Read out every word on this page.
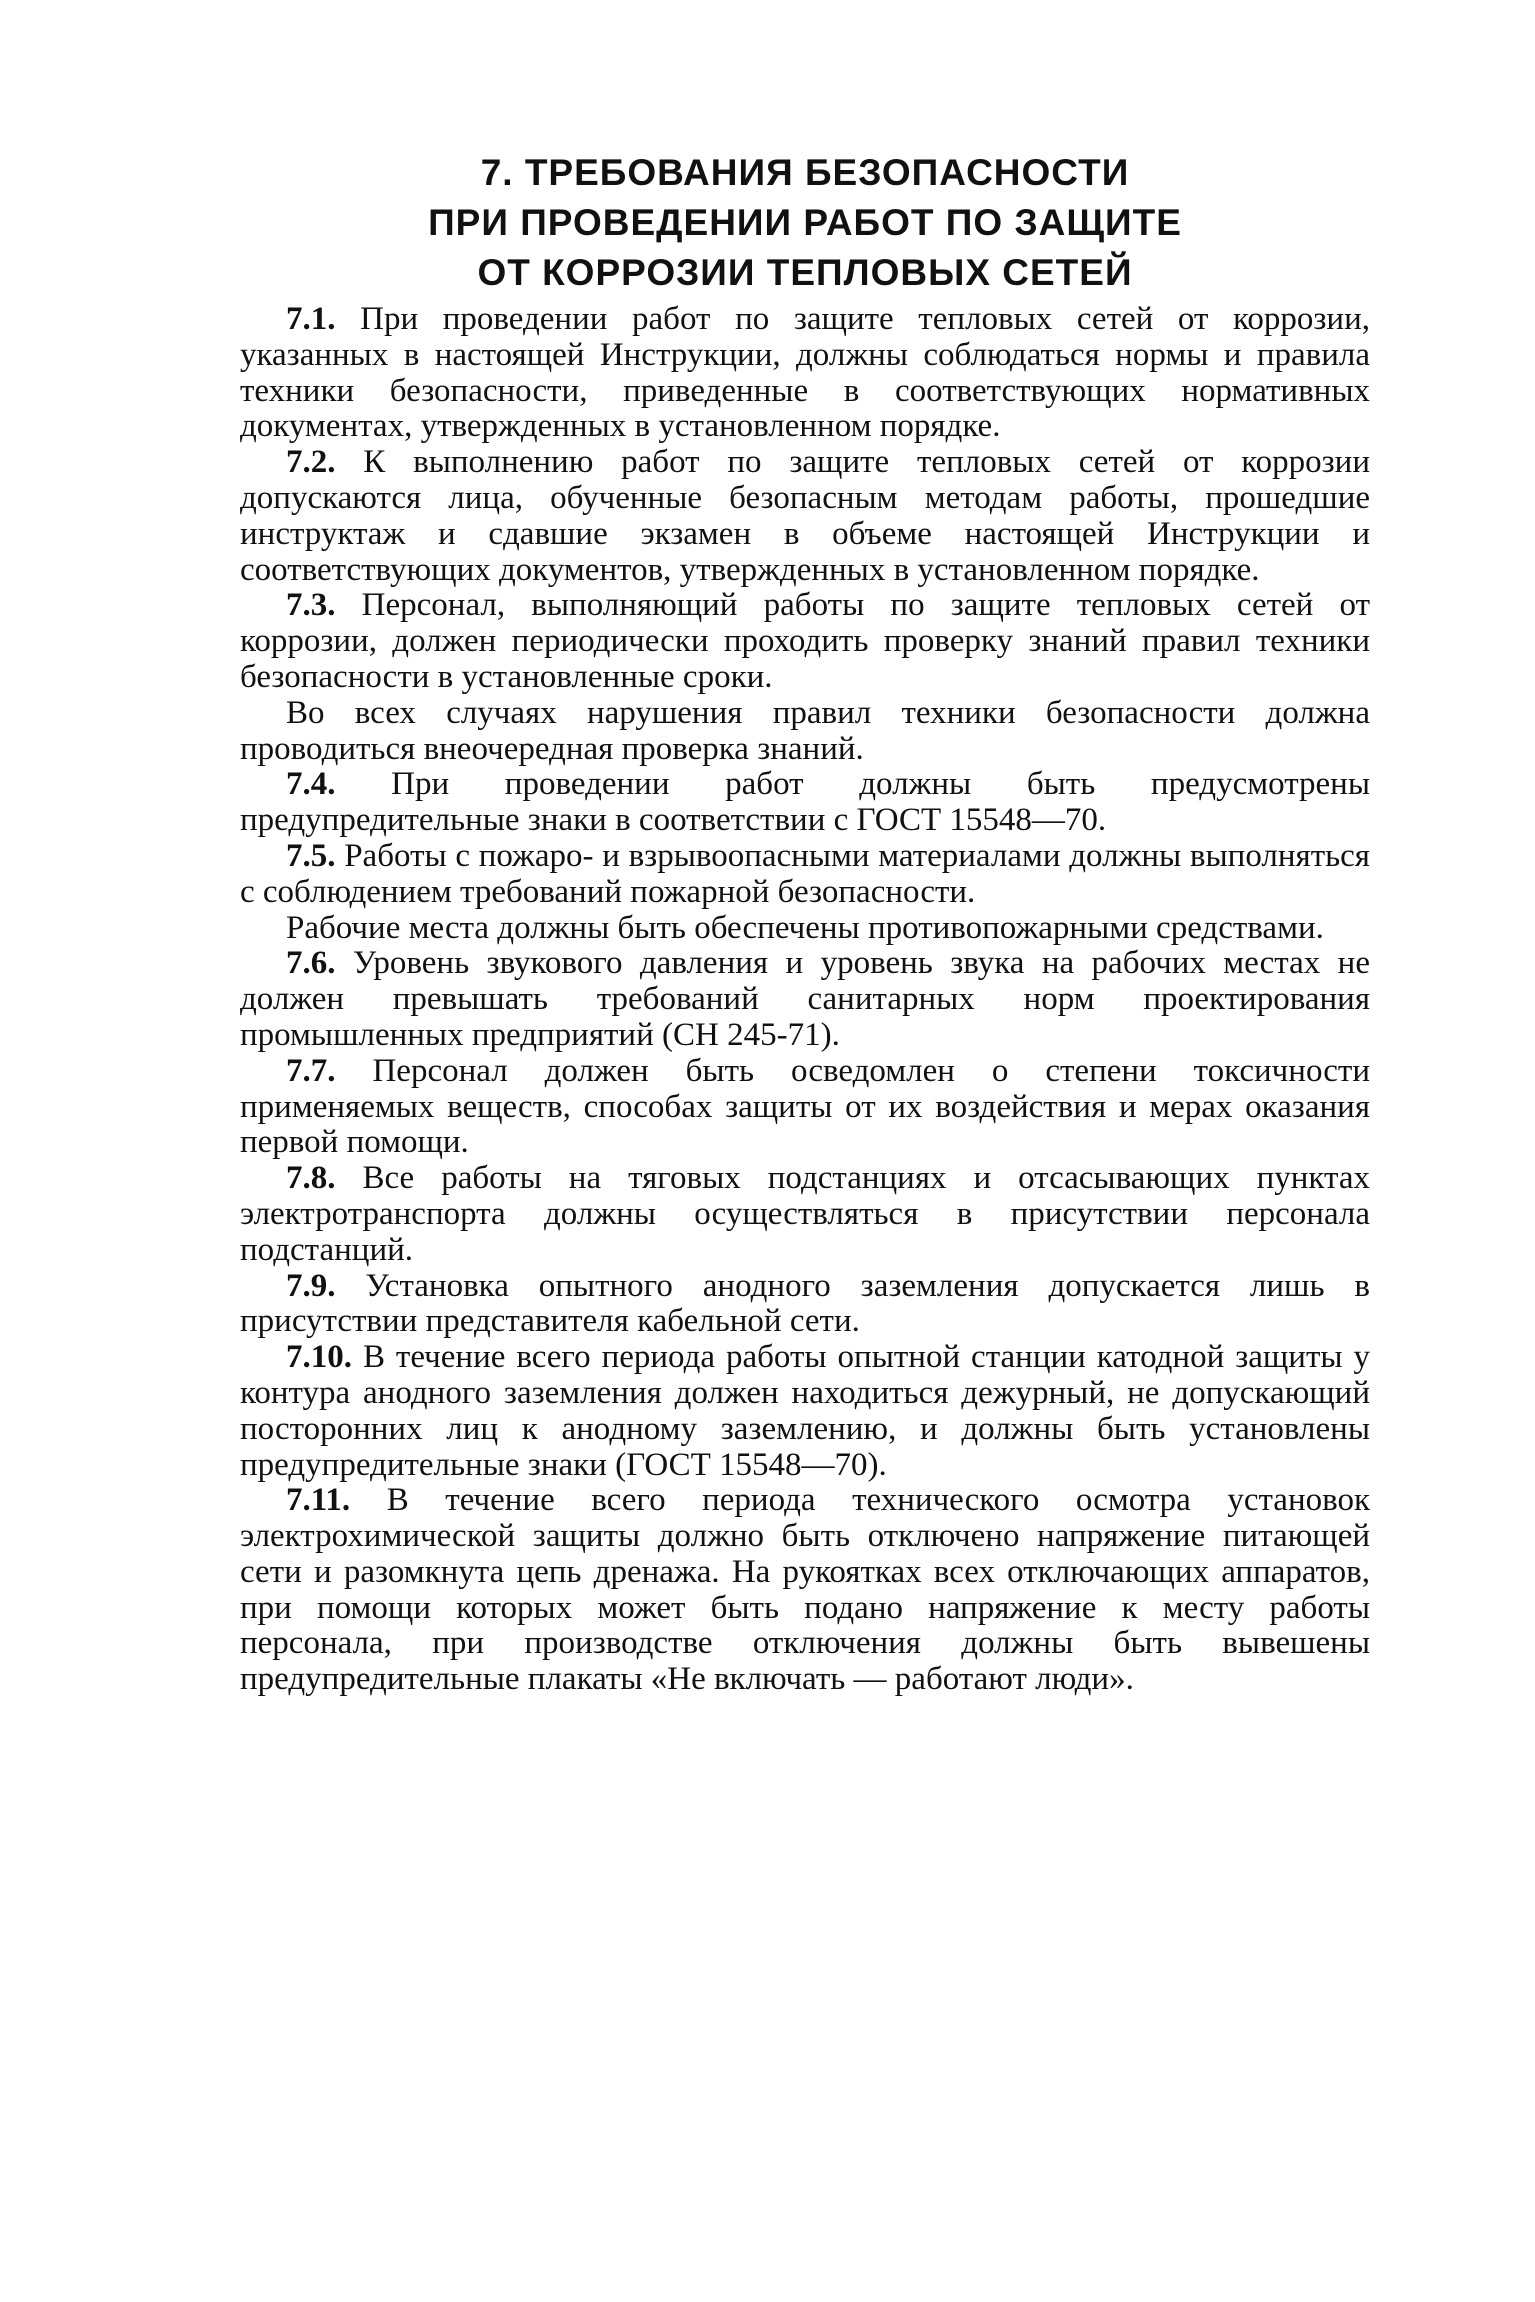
7. ТРЕБОВАНИЯ БЕЗОПАСНОСТИ
ПРИ ПРОВЕДЕНИИ РАБОТ ПО ЗАЩИТЕ
ОТ КОРРОЗИИ ТЕПЛОВЫХ СЕТЕЙ

7.1. При проведении работ по защите тепловых сетей от коррозии, указанных в настоящей Инструкции, должны соблюдаться нормы и правила техники безопасности, приведенные в соответствующих нормативных документах, утвержденных в установленном порядке.

7.2. К выполнению работ по защите тепловых сетей от коррозии допускаются лица, обученные безопасным методам работы, прошедшие инструктаж и сдавшие экзамен в объеме настоящей Инструкции и соответствующих документов, утвержденных в установленном порядке.

7.3. Персонал, выполняющий работы по защите тепловых сетей от коррозии, должен периодически проходить проверку знаний правил техники безопасности в установленные сроки.

Во всех случаях нарушения правил техники безопасности должна проводиться внеочередная проверка знаний.

7.4. При проведении работ должны быть предусмотрены предупредительные знаки в соответствии с ГОСТ 15548—70.

7.5. Работы с пожаро- и взрывоопасными материалами должны выполняться с соблюдением требований пожарной безопасности.

Рабочие места должны быть обеспечены противопожарными средствами.

7.6. Уровень звукового давления и уровень звука на рабочих местах не должен превышать требований санитарных норм проектирования промышленных предприятий (СН 245-71).

7.7. Персонал должен быть осведомлен о степени токсичности применяемых веществ, способах защиты от их воздействия и мерах оказания первой помощи.

7.8. Все работы на тяговых подстанциях и отсасывающих пунктах электротранспорта должны осуществляться в присутствии персонала подстанций.

7.9. Установка опытного анодного заземления допускается лишь в присутствии представителя кабельной сети.

7.10. В течение всего периода работы опытной станции катодной защиты у контура анодного заземления должен находиться дежурный, не допускающий посторонних лиц к анодному заземлению, и должны быть установлены предупредительные знаки (ГОСТ 15548—70).

7.11. В течение всего периода технического осмотра установок электрохимической защиты должно быть отключено напряжение питающей сети и разомкнута цепь дренажа. На рукоятках всех отключающих аппаратов, при помощи которых может быть подано напряжение к месту работы персонала, при производстве отключения должны быть вывешены предупредительные плакаты «Не включать — работают люди».
